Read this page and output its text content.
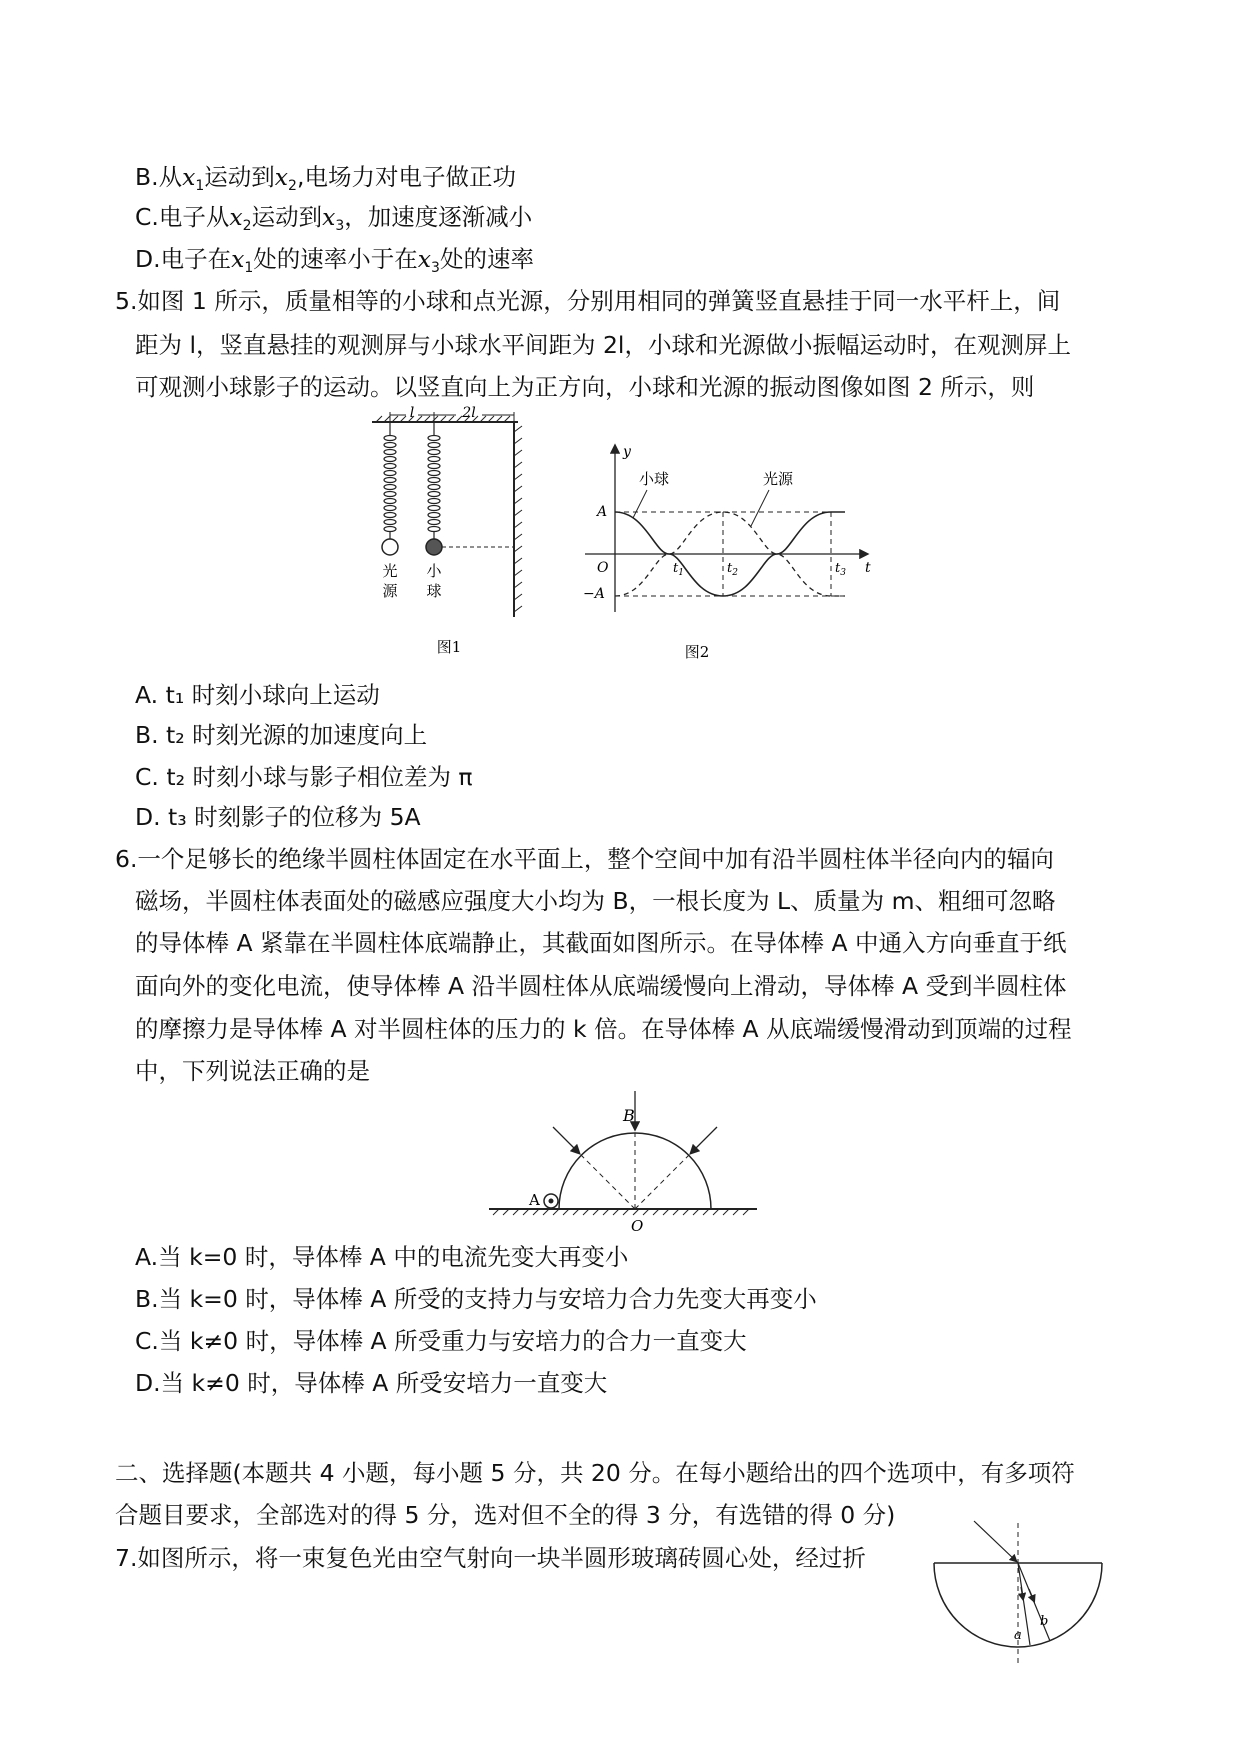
B.从$x_1$运动到$x_2$,电场力对电子做正功
C.电子从$x_2$运动到$x_3$，加速度逐渐减小
D.电子在$x_1$处的速率小于在$x_3$处的速率
5.如图 1 所示，质量相等的小球和点光源，分别用相同的弹簧竖直悬挂于同一水平杆上，间
距为 l，竖直悬挂的观测屏与小球水平间距为 2l，小球和光源做小振幅运动时，在观测屏上
可观测小球影子的运动。以竖直向上为正方向，小球和光源的振动图像如图 2 所示，则
l	2l
光
源
小
球
图1
y
t
O
A
−A
$t_1$	$t_2$	$t_3$
小球	光源
图2
A. t₁ 时刻小球向上运动
B. t₂ 时刻光源的加速度向上
C. t₂ 时刻小球与影子相位差为 π
D. t₃ 时刻影子的位移为 5A
6.一个足够长的绝缘半圆柱体固定在水平面上，整个空间中加有沿半圆柱体半径向内的辐向
磁场，半圆柱体表面处的磁感应强度大小均为 B，一根长度为 L、质量为 m、粗细可忽略
的导体棒 A 紧靠在半圆柱体底端静止，其截面如图所示。在导体棒 A 中通入方向垂直于纸
面向外的变化电流，使导体棒 A 沿半圆柱体从底端缓慢向上滑动，导体棒 A 受到半圆柱体
的摩擦力是导体棒 A 对半圆柱体的压力的 k 倍。在导体棒 A 从底端缓慢滑动到顶端的过程
中，下列说法正确的是
B
A
O
A.当 k=0 时，导体棒 A 中的电流先变大再变小
B.当 k=0 时，导体棒 A 所受的支持力与安培力合力先变大再变小
C.当 k≠0 时，导体棒 A 所受重力与安培力的合力一直变大
D.当 k≠0 时，导体棒 A 所受安培力一直变大
二、选择题(本题共 4 小题，每小题 5 分，共 20 分。在每小题给出的四个选项中，有多项符
合题目要求，全部选对的得 5 分，选对但不全的得 3 分，有选错的得 0 分)
7.如图所示，将一束复色光由空气射向一块半圆形玻璃砖圆心处，经过折
a
b
